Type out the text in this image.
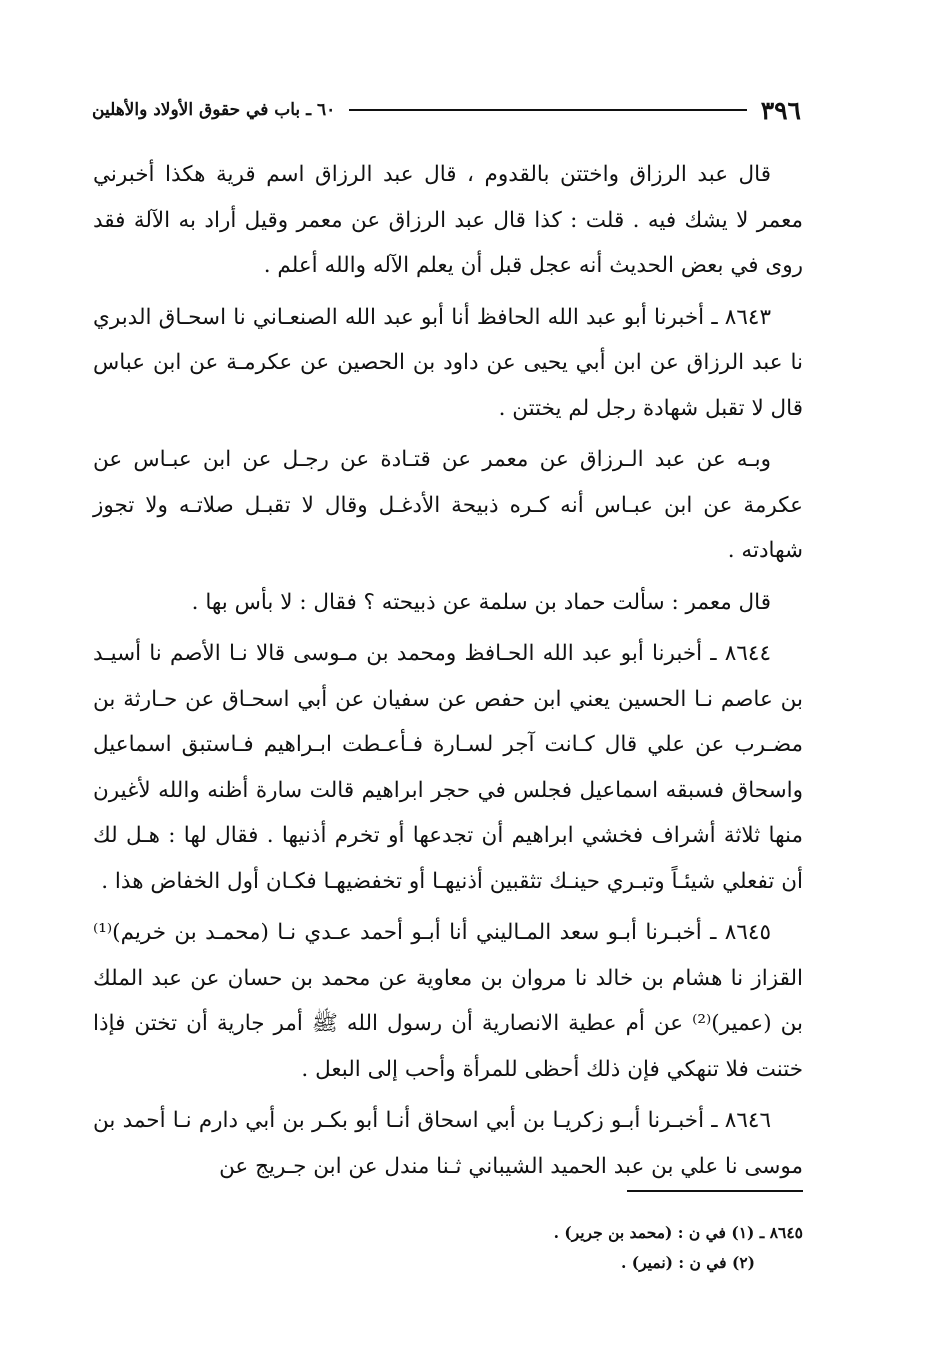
٣٩٦
٦٠ ـ باب في حقوق الأولاد والأهلين

قال عبد الرزاق واختتن بالقدوم ، قال عبد الرزاق اسم قرية هكذا أخبرني معمر لا يشك فيه . قلت : كذا قال عبد الرزاق عن معمر وقيل أراد به الآلة فقد روى في بعض الحديث أنه عجل قبل أن يعلم الآله والله أعلم .

٨٦٤٣ ـ أخبرنا أبو عبد الله الحافظ أنا أبو عبد الله الصنعـاني نا اسحـاق الدبري نا عبد الرزاق عن ابن أبي يحيى عن داود بن الحصين عن عكرمـة عن ابن عباس قال لا تقبل شهادة رجل لم يختتن .

وبـه عن عبد الـرزاق عن معمر عن قتـادة عن رجـل عن ابن عبـاس عن عكرمة عن ابن عبـاس أنه كـره ذبيحة الأدغـل وقال لا تقبـل صلاتـه ولا تجوز شهادته .

قال معمر : سألت حماد بن سلمة عن ذبيحته ؟ فقال : لا بأس بها .

٨٦٤٤ ـ أخبرنا أبو عبد الله الحـافظ ومحمد بن مـوسى قالا نـا الأصم نا أسيـد بن عاصم نـا الحسين يعني ابن حفص عن سفيان عن أبي اسحـاق عن حـارثة بن مضـرب عن علي قال كـانت آجر لسـارة فـأعـطت ابـراهيم فـاستبق اسماعيل واسحاق فسبقه اسماعيل فجلس في حجر ابراهيم قالت سارة أظنه والله لأغيرن منها ثلاثة أشراف فخشي ابراهيم أن تجدعها أو تخرم أذنيها . فقال لها : هـل لك أن تفعلي شيئـاً وتبـري حينـك تثقبين أذنيهـا أو تخفضيهـا فكـان أول الخفاض هذا .

٨٦٤٥ ـ أخبـرنا أبـو سعد المـاليني أنا أبـو أحمد عـدي نـا (محمـد بن خريم)⁽¹⁾ القزاز نا هشام بن خالد نا مروان بن معاوية عن محمد بن حسان عن عبد الملك بن (عمير)⁽²⁾ عن أم عطية الانصارية أن رسول الله ﷺ أمر جارية أن تختن فإذا ختنت فلا تنهكي فإن ذلك أحظى للمرأة وأحب إلى البعل .

٨٦٤٦ ـ أخبـرنا أبـو زكريـا بن أبي اسحاق أنـا أبو بكـر بن أبي دارم نـا أحمد بن موسى نا علي بن عبد الحميد الشيباني ثـنا مندل عن ابن جـريج عن

٨٦٤٥ ـ (١) في ن : (محمد بن جرير) .
(٢) في ن : (نمير) .
